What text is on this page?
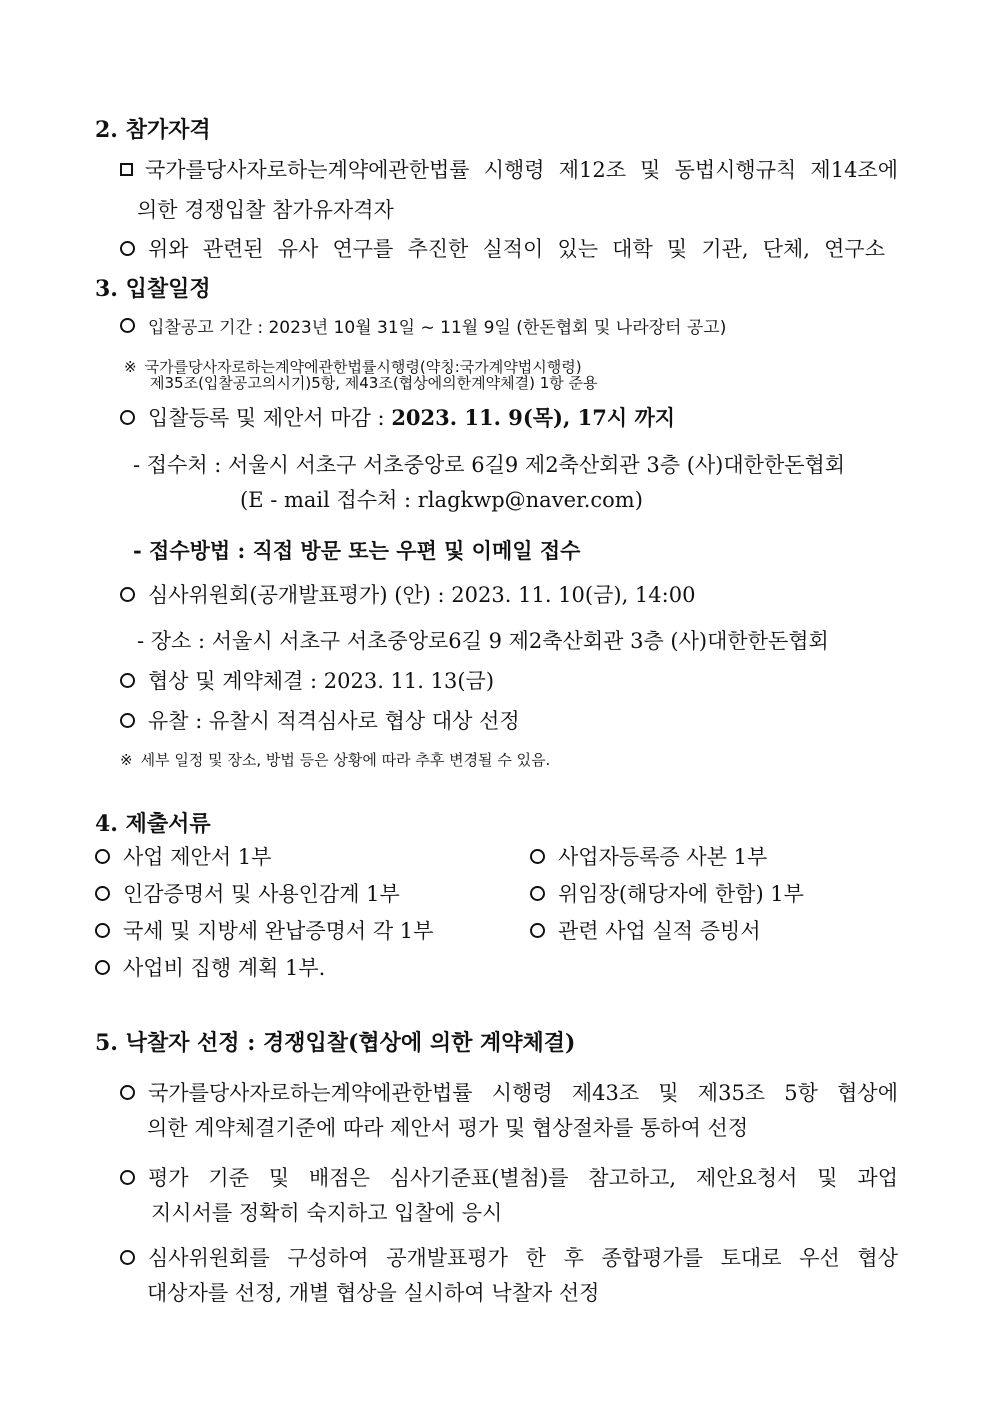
2. 참가자격
국가를당사자로하는계약에관한법률 시행령 제12조 및 동법시행규칙 제14조에
의한 경쟁입찰 참가유자격자
위와 관련된 유사 연구를 추진한 실적이 있는 대학 및 기관, 단체, 연구소
3. 입찰일정
입찰공고 기간 : 2023년 10월 31일 ∼ 11월 9일 (한돈협회 및 나라장터 공고)
※ 국가를당사자로하는계약에관한법률시행령(약칭:국가계약법시행령)
제35조(입찰공고의시기)5항, 제43조(협상에의한계약체결) 1항 준용
입찰등록 및 제안서 마감 : 2023. 11. 9(목), 17시 까지
- 접수처 : 서울시 서초구 서초중앙로 6길9 제2축산회관 3층 (사)대한한돈협회
(E - mail 접수처 : rlagkwp@naver.com)
- 접수방법 : 직접 방문 또는 우편 및 이메일 접수
심사위원회(공개발표평가) (안) : 2023. 11. 10(금), 14:00
- 장소 : 서울시 서초구 서초중앙로6길 9 제2축산회관 3층 (사)대한한돈협회
협상 및 계약체결 : 2023. 11. 13(금)
유찰 : 유찰시 적격심사로 협상 대상 선정
※ 세부 일정 및 장소, 방법 등은 상황에 따라 추후 변경될 수 있음.
4. 제출서류
사업 제안서 1부
인감증명서 및 사용인감계 1부
국세 및 지방세 완납증명서 각 1부
사업비 집행 계획 1부.
사업자등록증 사본 1부
위임장(해당자에 한함) 1부
관련 사업 실적 증빙서
5. 낙찰자 선정 : 경쟁입찰(협상에 의한 계약체결)
국가를당사자로하는계약에관한법률 시행령 제43조 및 제35조 5항 협상에
의한 계약체결기준에 따라 제안서 평가 및 협상절차를 통하여 선정
평가 기준 및 배점은 심사기준표(별첨)를 참고하고, 제안요청서 및 과업
지시서를 정확히 숙지하고 입찰에 응시
심사위원회를 구성하여 공개발표평가 한 후 종합평가를 토대로 우선 협상
대상자를 선정, 개별 협상을 실시하여 낙찰자 선정
